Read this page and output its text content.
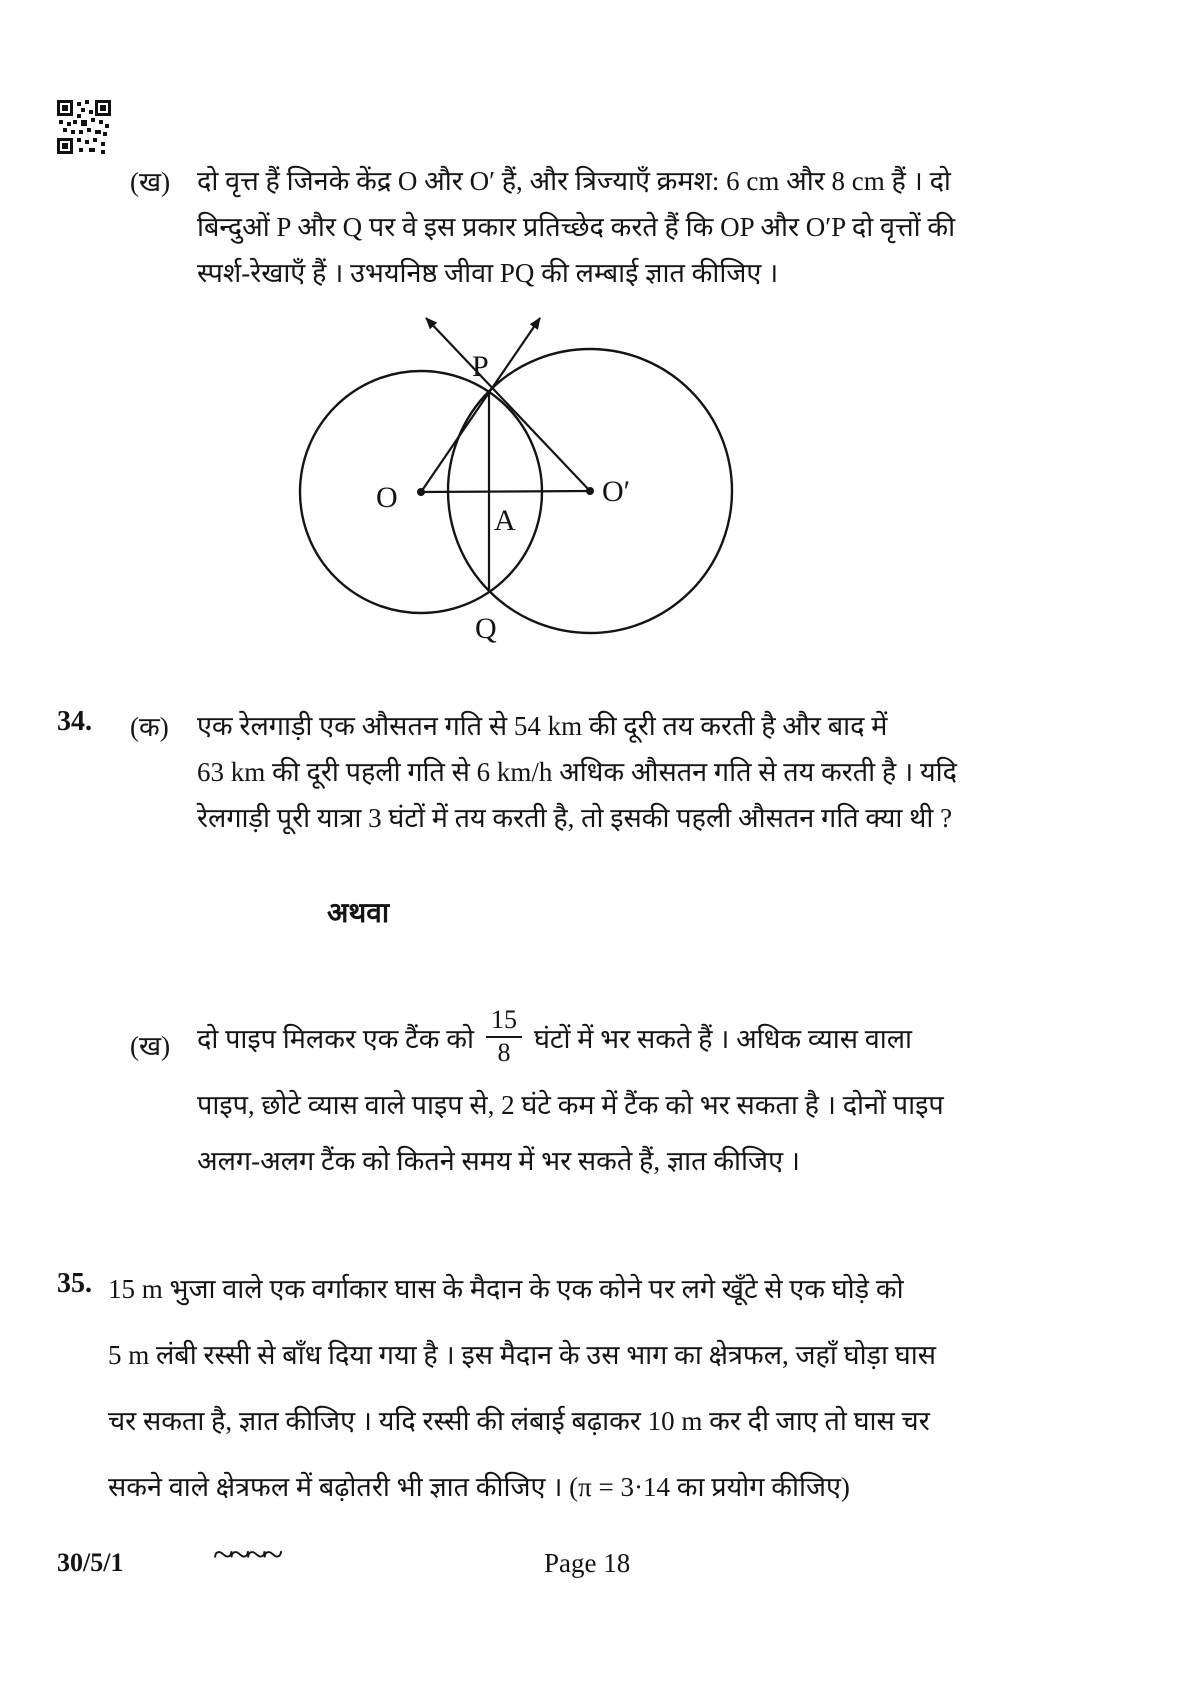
(ख) दो वृत्त हैं जिनके केंद्र O और O′ हैं, और त्रिज्याएँ क्रमश: 6 cm और 8 cm हैं । दो
बिन्दुओं P और Q पर वे इस प्रकार प्रतिच्छेद करते हैं कि OP और O′P दो वृत्तों की
स्पर्श-रेखाएँ हैं । उभयनिष्ठ जीवा PQ की लम्बाई ज्ञात कीजिए ।
P
Q
O	O′
A
34. (क) एक रेलगाड़ी एक औसतन गति से 54 km की दूरी तय करती है और बाद में
63 km की दूरी पहली गति से 6 km/h अधिक औसतन गति से तय करती है । यदि
रेलगाड़ी पूरी यात्रा 3 घंटों में तय करती है, तो इसकी पहली औसतन गति क्या थी ?
अथवा
(ख) दो पाइप मिलकर एक टैंक को $\frac{15}{8}$ घंटों में भर सकते हैं । अधिक व्यास वाला
पाइप, छोटे व्यास वाले पाइप से, 2 घंटे कम में टैंक को भर सकता है । दोनों पाइप
अलग-अलग टैंक को कितने समय में भर सकते हैं, ज्ञात कीजिए ।
35. 15 m भुजा वाले एक वर्गाकार घास के मैदान के एक कोने पर लगे खूँटे से एक घोड़े को
5 m लंबी रस्सी से बाँध दिया गया है । इस मैदान के उस भाग का क्षेत्रफल, जहाँ घोड़ा घास
चर सकता है, ज्ञात कीजिए । यदि रस्सी की लंबाई बढ़ाकर 10 m कर दी जाए तो घास चर
सकने वाले क्षेत्रफल में बढ़ोतरी भी ज्ञात कीजिए । (π = 3·14 का प्रयोग कीजिए)
30/5/1 ~~~~	Page 18
